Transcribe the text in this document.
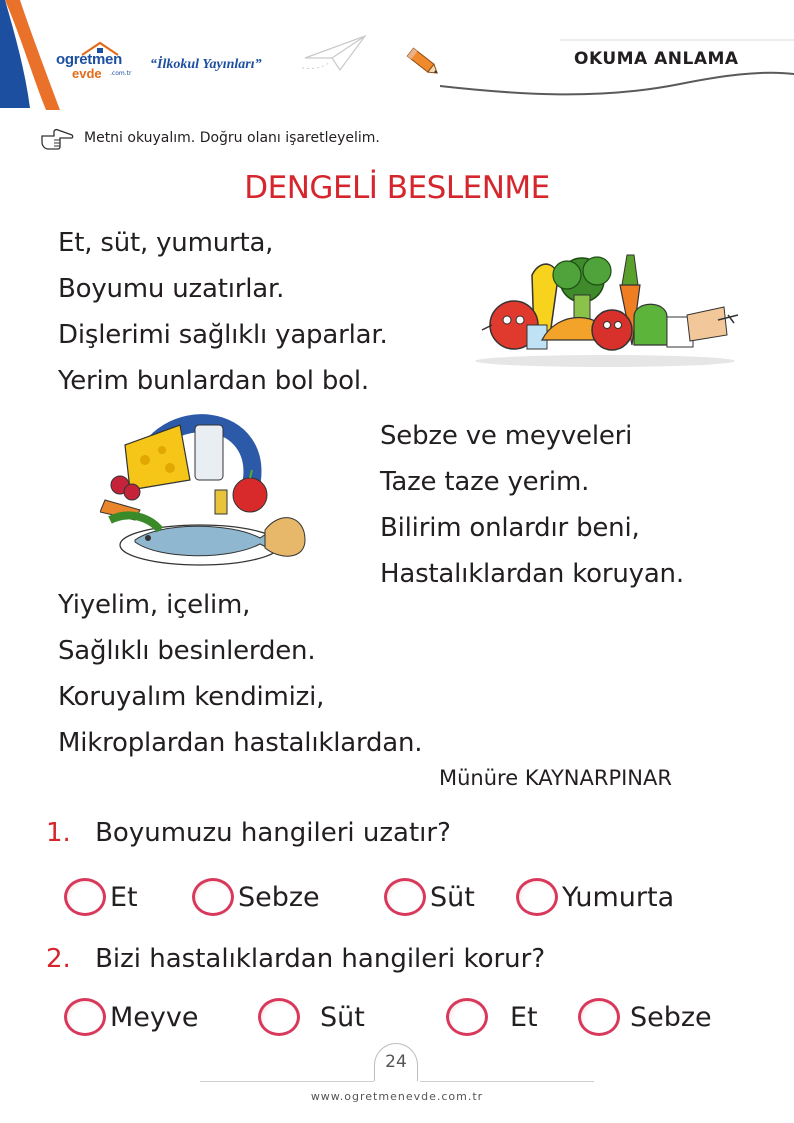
ogretmen
evde .com.tr
“İlkokul Yayınları”	OKUMA ANLAMA
Metni okuyalım. Doğru olanı işaretleyelim.
DENGELİ BESLENME
Et, süt, yumurta,
Boyumu uzatırlar.
Dişlerimi sağlıklı yaparlar.
Yerim bunlardan bol bol.
Sebze ve meyveleri
Taze taze yerim.
Bilirim onlardır beni,
Hastalıklardan koruyan.
Yiyelim, içelim,
Sağlıklı besinlerden.
Koruyalım kendimizi,
Mikroplardan hastalıklardan.
Münüre KAYNARPINAR
1. Boyumuzu hangileri uzatır?
Et	Sebze	Süt	Yumurta
2. Bizi hastalıklardan hangileri korur?
Meyve	Süt	Et	Sebze
24
www.ogretmenevde.com.tr
